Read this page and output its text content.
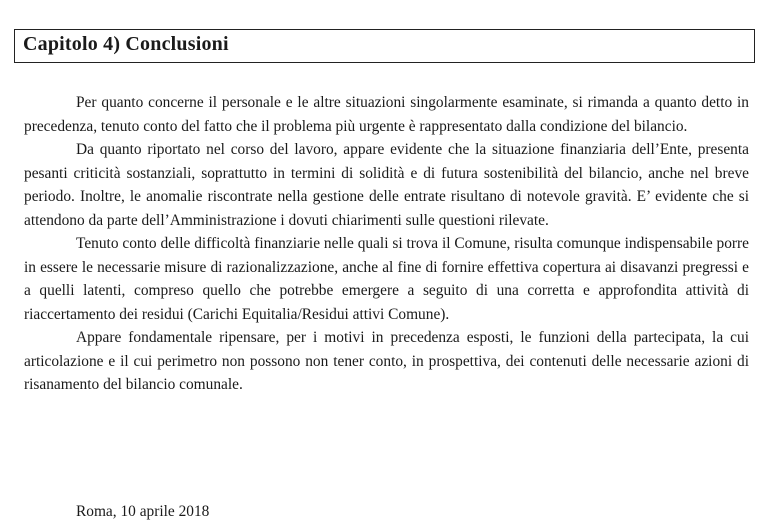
Capitolo 4) Conclusioni

Per quanto concerne il personale e le altre situazioni singolarmente esaminate, si rimanda a quanto detto in precedenza, tenuto conto del fatto che il problema più urgente è rappresentato dalla condizione del bilancio.

Da quanto riportato nel corso del lavoro, appare evidente che la situazione finanziaria dell’Ente, presenta pesanti criticità sostanziali, soprattutto in termini di solidità e di futura sostenibilità del bilancio, anche nel breve periodo. Inoltre, le anomalie riscontrate nella gestione delle entrate risultano di notevole gravità. E’ evidente che si attendono da parte dell’Amministrazione i dovuti chiarimenti sulle questioni rilevate.

Tenuto conto delle difficoltà finanziarie nelle quali si trova il Comune, risulta comunque indispensabile porre in essere le necessarie misure di razionalizzazione, anche al fine di fornire effettiva copertura ai disavanzi pregressi e a quelli latenti, compreso quello che potrebbe emergere a seguito di una corretta e approfondita attività di riaccertamento dei residui (Carichi Equitalia/Residui attivi Comune).

Appare fondamentale ripensare, per i motivi in precedenza esposti, le funzioni della partecipata, la cui articolazione e il cui perimetro non possono non tener conto, in prospettiva, dei contenuti delle necessarie azioni di risanamento del bilancio comunale.

Roma, 10 aprile 2018
